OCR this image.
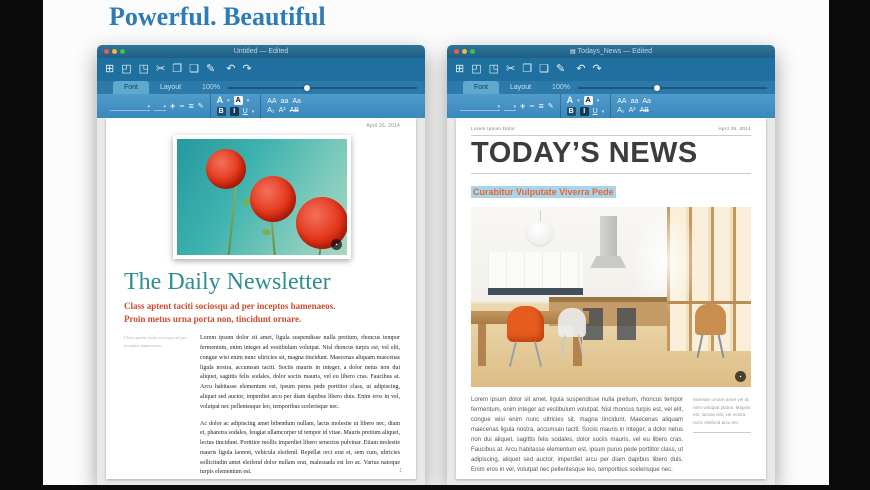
Powerful. Beautiful
Untitled — Edited
⊞ ◰ ◳ ✂ ❐ ❏ ✎ ↶ ↷
Font	Layout	100%
▾	▾ + − ≡ ✎
A ▾ A	▾
B	I	U ▾
AA aa Aa
A₂ A² AB
April 26, 2014
▪
The Daily Newsletter
Class aptent taciti sociosqu ad per inceptos hamenaeos.
Proin metus urna porta non, tincidunt ornare.
Class aptent taciti sociosqu ad per inceptos hamenaeos.

Lorem ipsum dolor sit amet, ligula suspendisse nulla pretium, rhoncus tempor fermentum, enim integer ad vestibulum volutpat. Nisl rhoncus turpis est, vel elit, congue wisi enim nunc ultricies sit, magna tincidunt. Maecenas aliquam maecenas ligula nostra, accumsan taciti. Sociis mauris in integer, a dolor netus non dui aliquet, sagittis felis sodales, dolor sociis mauris, vel eu libero cras. Faucibus at. Arcu habitasse elementum est, ipsum purus pede porttitor class, ut adipiscing, aliquet sed auctor, imperdiet arcu per diam dapibus libero duis. Enim eros in vel, volutpat nec pellentesque leo, temporibus scelerisque nec.

Ac dolor ac adipiscing amet bibendum nullam, lacus molestie ut libero nec, diam et, pharetra sodales, feugiat ullamcorper id tempor id vitae. Mauris pretium aliquet, lectus tincidunt. Porttitor mollis imperdiet libero senectus pulvinar. Etiam molestie mauris ligula laoreet, vehicula eleifend. Repellat orci erat et, sem cum, ultricies sollicitudin amet eleifend dolor nullam erat, malesuada est leo ac. Varius natoque turpis elementum est.	1
▤ Todays_News — Edited
⊞ ◰ ◳ ✂ ❐ ❏ ✎ ↶ ↷
Font	Layout	100%
▾	▾ + − ≡ ✎
A ▾ A	▾
B	I	U ▾
AA aa Aa
A₂ A² AB
Lorem Ipsum Dolor	April 26, 2014
TODAY’S NEWS
Curabitur Vulputate Viverra Pede
▪
Lorem ipsum dolor sit amet, ligula suspendisse nulla pretium, rhoncus tempor fermentum, enim integer ad vestibulum volutpat. Nisl rhoncus turpis est, vel elit, congue wisi enim nunc ultricies sit, magna tincidunt. Maecenas aliquam maecenas ligula nostra, accumsan taciti. Sociis mauris in integer, a dolor netus non dui aliquet, sagittis felis sodales, dolor sociis mauris, vel eu libero cras. Faucibus at. Arcu habitasse elementum est, ipsum purus pede porttitor class, ut adipiscing, aliquet sed auctor, imperdiet arcu per diam dapibus libero duis. Enim eros in vel, volutpat nec pellentesque leo, temporibus scelerisque nec.
Molestie ornare amet vel id, nem volutpat platea. Magnis est, lacinia nisl, vel nostra nunc eleifend arcu leo.
